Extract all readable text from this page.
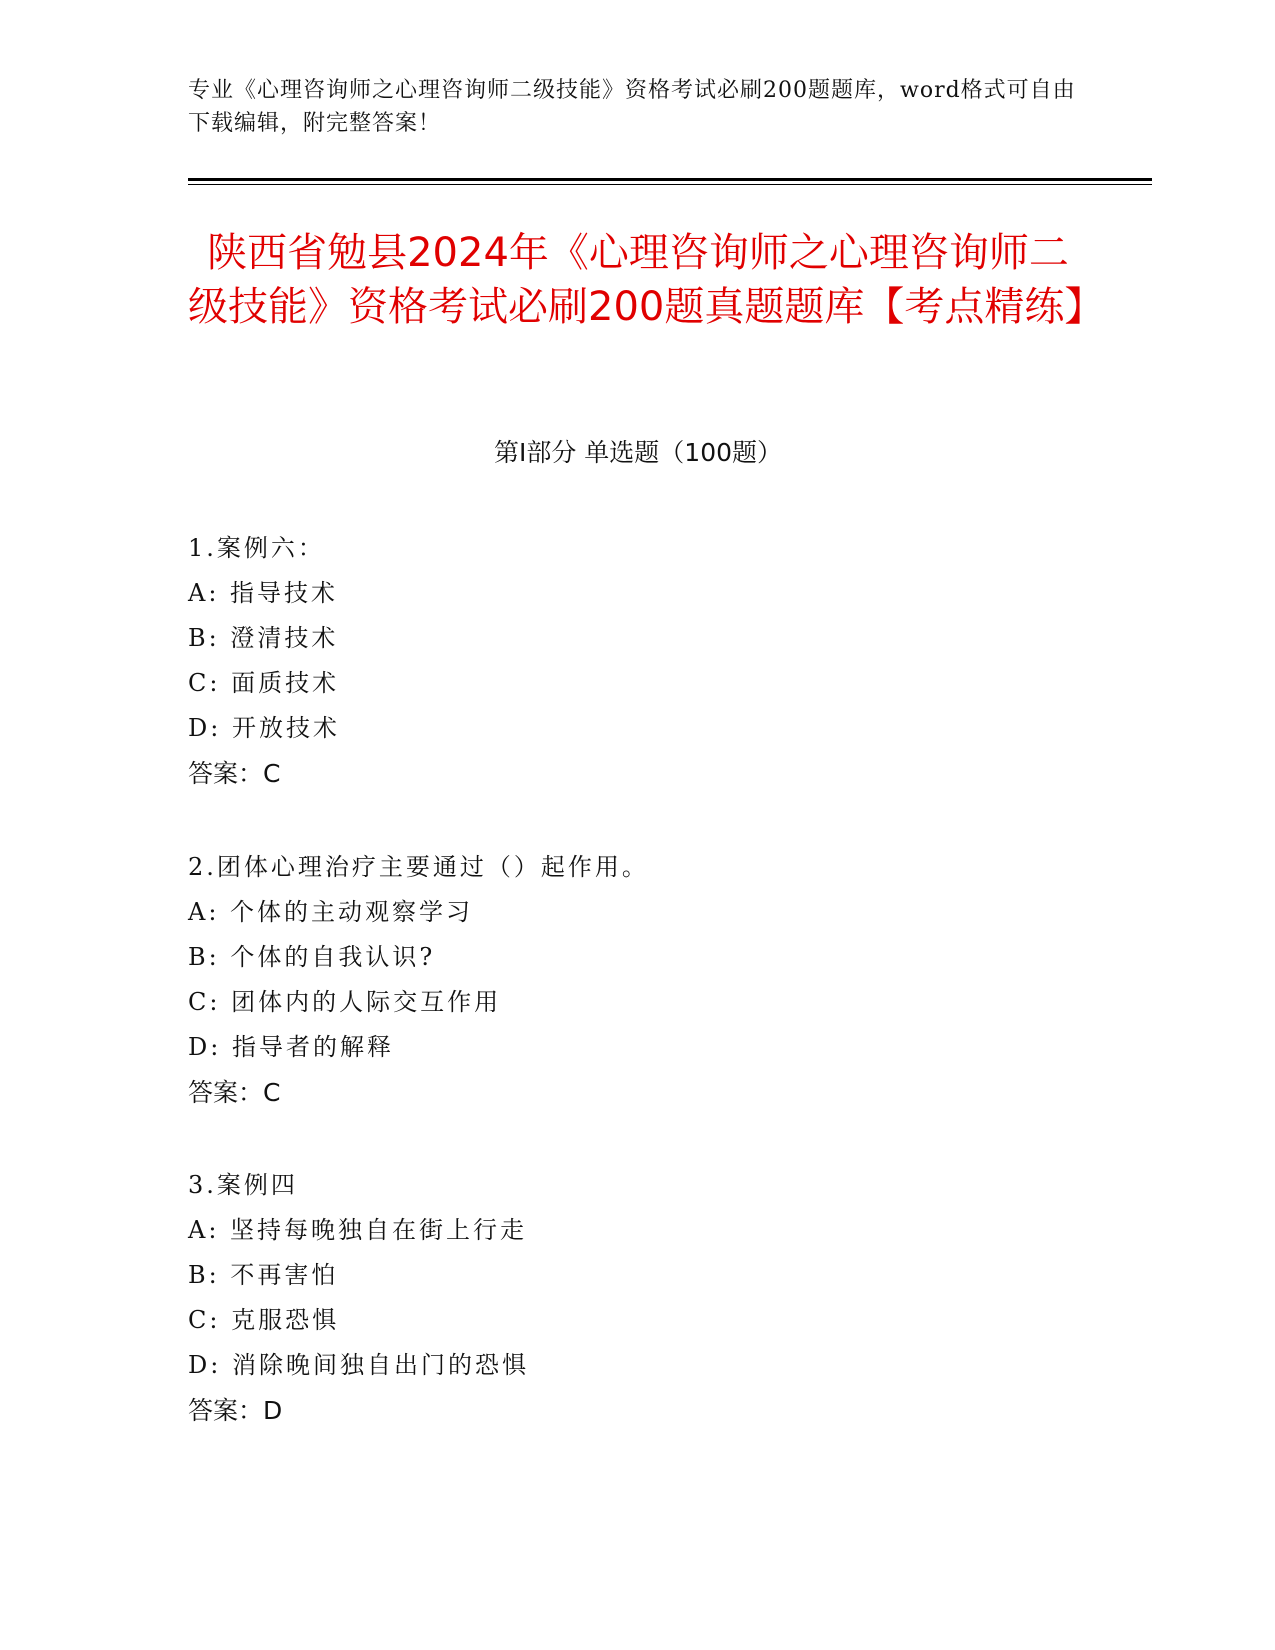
专业《心理咨询师之心理咨询师二级技能》资格考试必刷200题题库，word格式可自由下载编辑，附完整答案！
陕西省勉县2024年《心理咨询师之心理咨询师二级技能》资格考试必刷200题真题题库【考点精练】
第I部分 单选题（100题）
1.案例六：
A: 指导技术
B: 澄清技术
C: 面质技术
D: 开放技术
答案：C
2.团体心理治疗主要通过（）起作用。
A: 个体的主动观察学习
B: 个体的自我认识?
C: 团体内的人际交互作用
D: 指导者的解释
答案：C
3.案例四
A: 坚持每晚独自在街上行走
B: 不再害怕
C: 克服恐惧
D: 消除晚间独自出门的恐惧
答案：D
